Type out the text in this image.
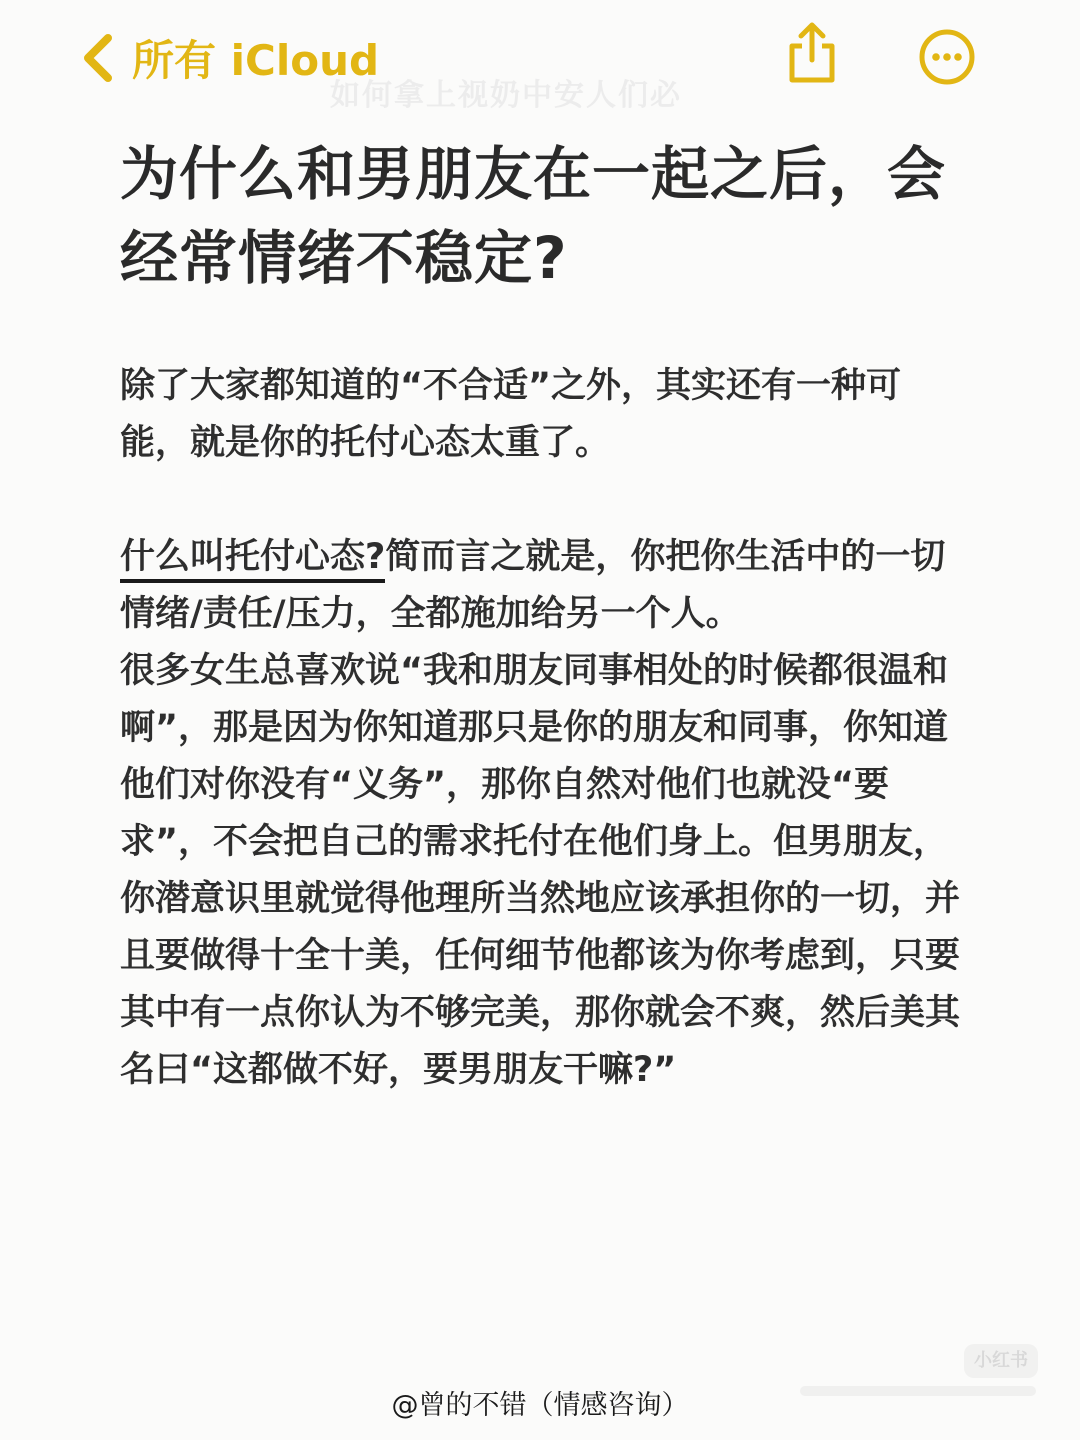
所有 iCloud
如何拿上视奶中安人们必
为什么和男朋友在一起之后，会经常情绪不稳定?

除了大家都知道的“不合适”之外，其实还有一种可能，就是你的托付心态太重了。

什么叫托付心态?简而言之就是，你把你生活中的一切情绪/责任/压力，全都施加给另一个人。

很多女生总喜欢说“我和朋友同事相处的时候都很温和啊”，那是因为你知道那只是你的朋友和同事，你知道他们对你没有“义务”，那你自然对他们也就没“要求”，不会把自己的需求托付在他们身上。但男朋友，你潜意识里就觉得他理所当然地应该承担你的一切，并且要做得十全十美，任何细节他都该为你考虑到，只要其中有一点你认为不够完美，那你就会不爽，然后美其名曰“这都做不好，要男朋友干嘛?”

小红书
@曾的不错（情感咨询）
